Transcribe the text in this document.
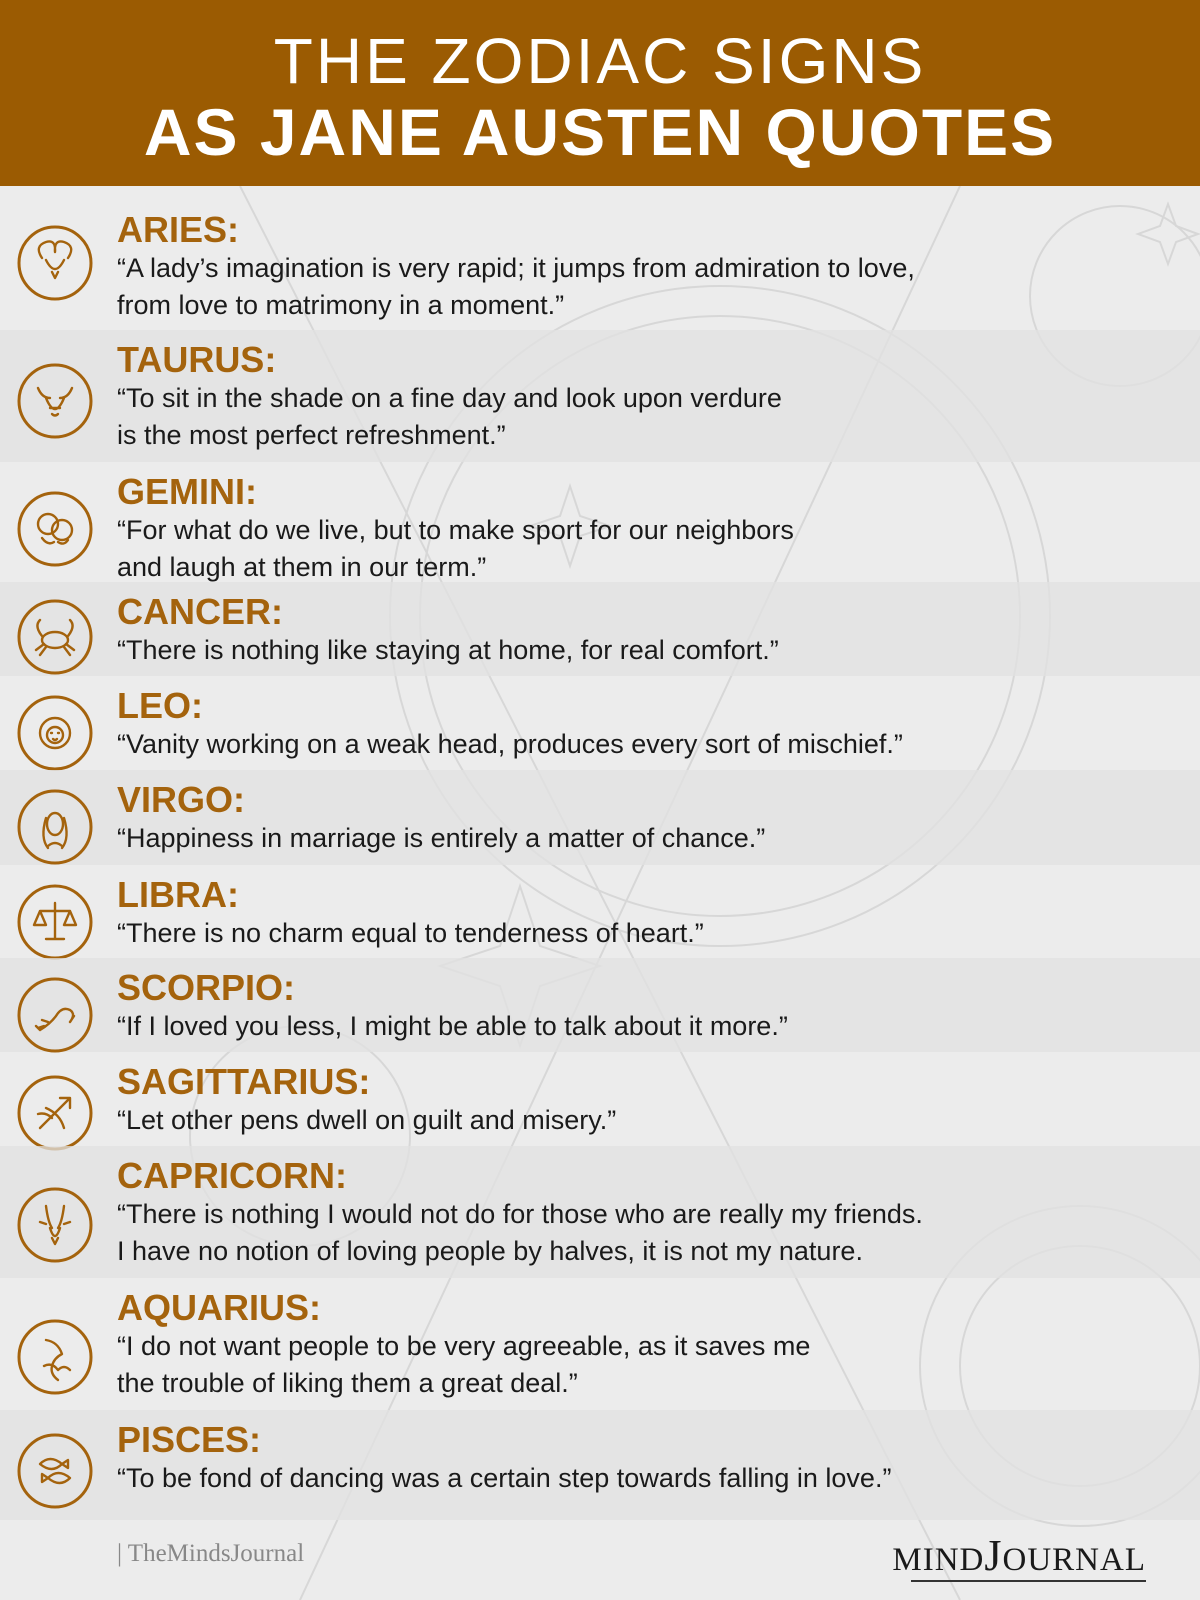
THE ZODIAC SIGNS
AS JANE AUSTEN QUOTES
ARIES:
“A lady’s imagination is very rapid; it jumps from admiration to love,
from love to matrimony in a moment.”
TAURUS:
“To sit in the shade on a fine day and look upon verdure
is the most perfect refreshment.”
GEMINI:
“For what do we live, but to make sport for our neighbors
and laugh at them in our term.”
CANCER:
“There is nothing like staying at home, for real comfort.”
LEO:
“Vanity working on a weak head, produces every sort of mischief.”
VIRGO:
“Happiness in marriage is entirely a matter of chance.”
LIBRA:
“There is no charm equal to tenderness of heart.”
SCORPIO:
“If I loved you less, I might be able to talk about it more.”
SAGITTARIUS:
“Let other pens dwell on guilt and misery.”
CAPRICORN:
“There is nothing I would not do for those who are really my friends.
I have no notion of loving people by halves, it is not my nature.
AQUARIUS:
“I do not want people to be very agreeable, as it saves me
the trouble of liking them a great deal.”
PISCES:
“To be fond of dancing was a certain step towards falling in love.”
| TheMindsJournal	MINDJOURNAL
